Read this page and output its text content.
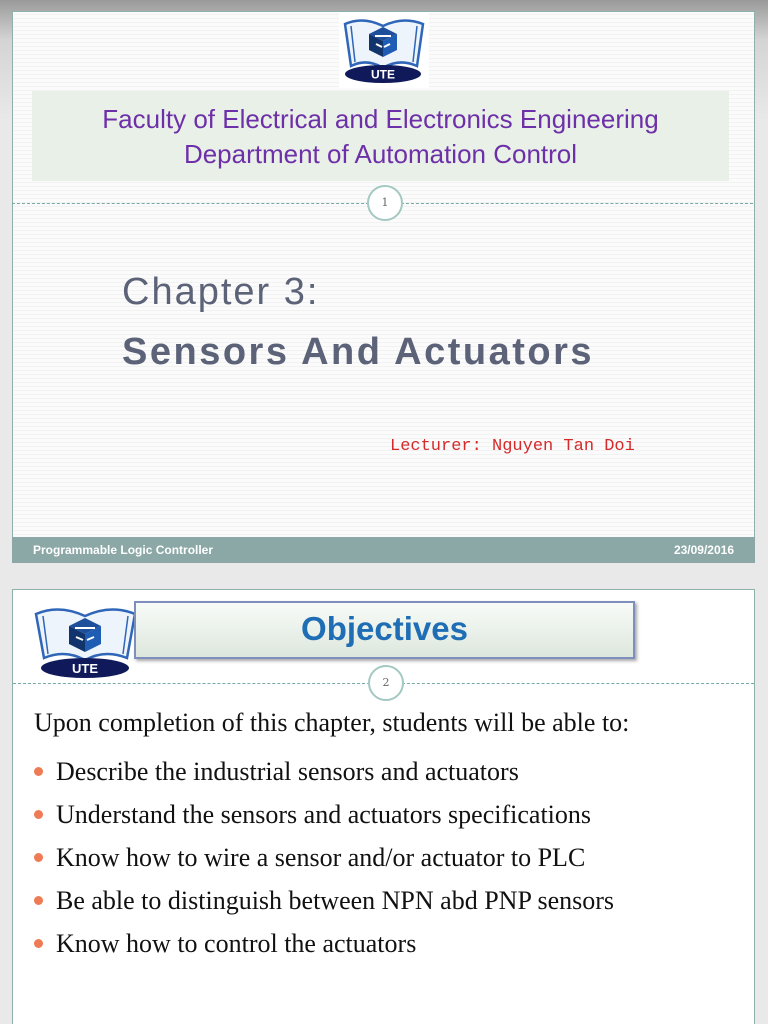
UTE
Faculty of Electrical and Electronics Engineering
Department of Automation Control
1
Chapter 3:
Sensors And Actuators
Lecturer: Nguyen Tan Doi
Programmable Logic Controller	23/09/2016
UTE
Objectives
2
Upon completion of this chapter, students will be able to:
Describe the industrial sensors and actuators
Understand the sensors and actuators specifications
Know how to wire a sensor and/or actuator to PLC
Be able to distinguish between NPN abd PNP sensors
Know how to control the actuators
